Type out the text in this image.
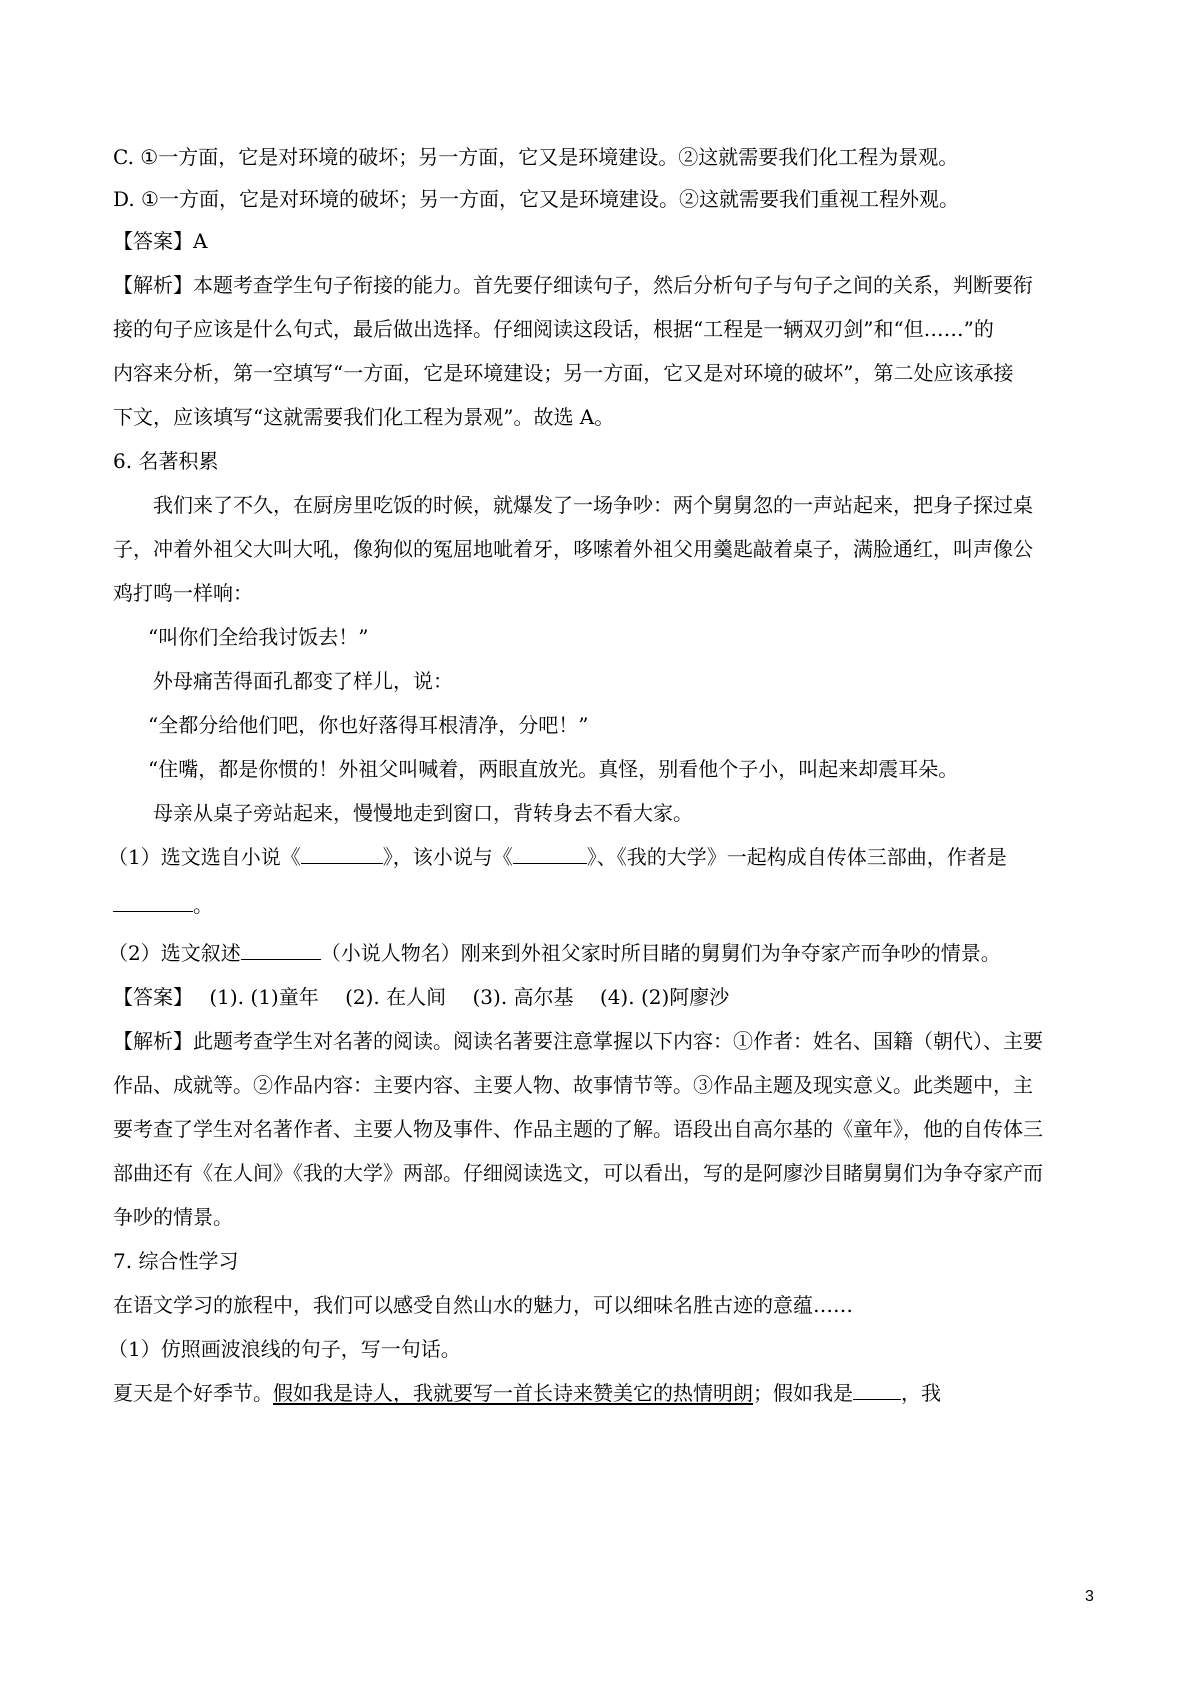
C. ①一方面，它是对环境的破坏；另一方面，它又是环境建设。②这就需要我们化工程为景观。
D. ①一方面，它是对环境的破坏；另一方面，它又是环境建设。②这就需要我们重视工程外观。
【答案】A
【解析】本题考查学生句子衔接的能力。首先要仔细读句子，然后分析句子与句子之间的关系，判断要衔
接的句子应该是什么句式，最后做出选择。仔细阅读这段话，根据“工程是一辆双刃剑”和“但……”的
内容来分析，第一空填写“一方面，它是环境建设；另一方面，它又是对环境的破坏”，第二处应该承接
下文，应该填写“这就需要我们化工程为景观”。故选 A。
6. 名著积累
我们来了不久，在厨房里吃饭的时候，就爆发了一场争吵：两个舅舅忽的一声站起来，把身子探过桌
子，冲着外祖父大叫大吼，像狗似的冤屈地呲着牙，哆嗦着外祖父用羹匙敲着桌子，满脸通红，叫声像公
鸡打鸣一样响：
“叫你们全给我讨饭去！”
外母痛苦得面孔都变了样儿，说：
“全都分给他们吧，你也好落得耳根清净，分吧！”
“住嘴，都是你惯的！外祖父叫喊着，两眼直放光。真怪，别看他个子小，叫起来却震耳朵。
母亲从桌子旁站起来，慢慢地走到窗口，背转身去不看大家。
（1）选文选自小说《	》，该小说与《	》、《我的大学》一起构成自传体三部曲，作者是
。
（2）选文叙述	（小说人物名）刚来到外祖父家时所目睹的舅舅们为争夺家产而争吵的情景。
【答案】　 (1). (1)童年　 (2). 在人间　 (3). 高尔基　 (4). (2)阿廖沙
【解析】此题考查学生对名著的阅读。阅读名著要注意掌握以下内容：①作者：姓名、国籍（朝代）、主要
作品、成就等。②作品内容：主要内容、主要人物、故事情节等。③作品主题及现实意义。此类题中，主
要考查了学生对名著作者、主要人物及事件、作品主题的了解。语段出自高尔基的《童年》，他的自传体三
部曲还有《在人间》《我的大学》两部。仔细阅读选文，可以看出，写的是阿廖沙目睹舅舅们为争夺家产而
争吵的情景。
7. 综合性学习
在语文学习的旅程中，我们可以感受自然山水的魅力，可以细味名胜古迹的意蕴……
（1）仿照画波浪线的句子，写一句话。
夏天是个好季节。假如我是诗人，我就要写一首长诗来赞美它的热情明朗；假如我是 ，我
3
